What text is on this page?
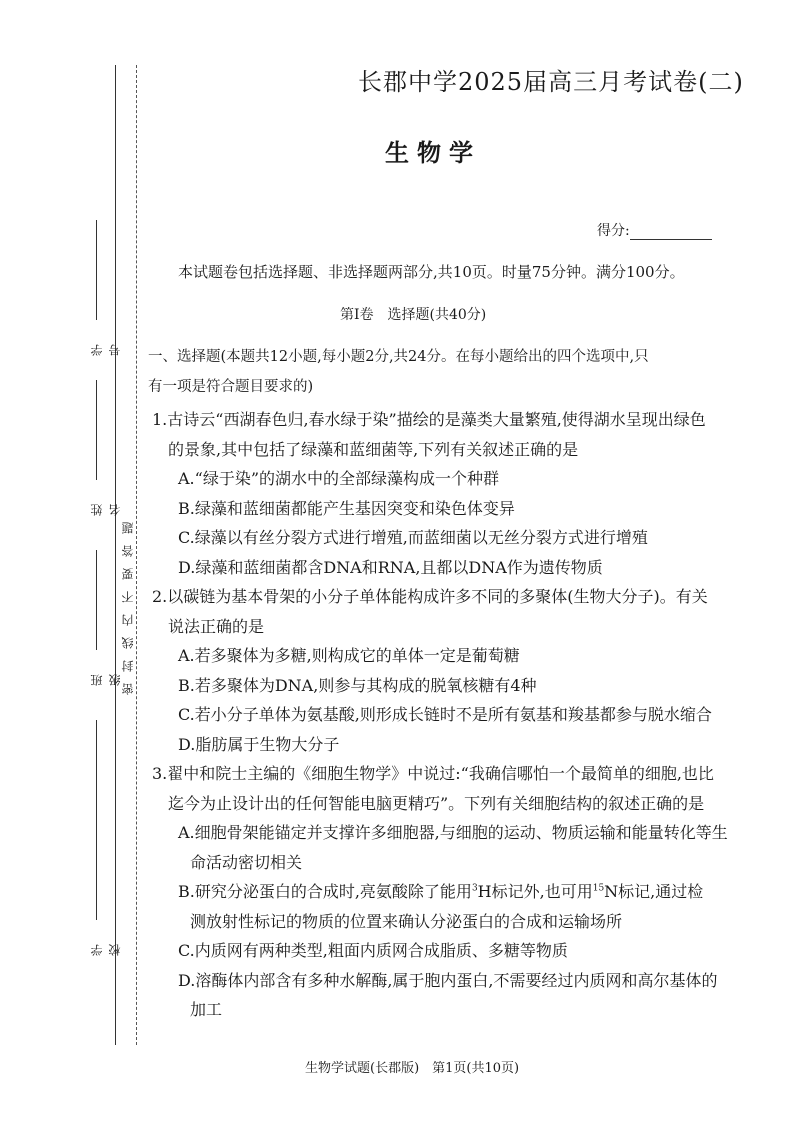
学 号
姓 名
班 级
学 校
密封线内不要答题
长郡中学2025届高三月考试卷(二)
生物学
得分:
本试题卷包括选择题、非选择题两部分,共10页。时量75分钟。满分100分。
第Ⅰ卷　选择题(共40分)
一、选择题(本题共12小题,每小题2分,共24分。在每小题给出的四个选项中,只
有一项是符合题目要求的)
1.古诗云“西湖春色归,春水绿于染”描绘的是藻类大量繁殖,使得湖水呈现出绿色
的景象,其中包括了绿藻和蓝细菌等,下列有关叙述正确的是
A.“绿于染”的湖水中的全部绿藻构成一个种群
B.绿藻和蓝细菌都能产生基因突变和染色体变异
C.绿藻以有丝分裂方式进行增殖,而蓝细菌以无丝分裂方式进行增殖
D.绿藻和蓝细菌都含DNA和RNA,且都以DNA作为遗传物质
2.以碳链为基本骨架的小分子单体能构成许多不同的多聚体(生物大分子)。有关
说法正确的是
A.若多聚体为多糖,则构成它的单体一定是葡萄糖
B.若多聚体为DNA,则参与其构成的脱氧核糖有4种
C.若小分子单体为氨基酸,则形成长链时不是所有氨基和羧基都参与脱水缩合
D.脂肪属于生物大分子
3.翟中和院士主编的《细胞生物学》中说过:“我确信哪怕一个最简单的细胞,也比
迄今为止设计出的任何智能电脑更精巧”。下列有关细胞结构的叙述正确的是
A.细胞骨架能锚定并支撑许多细胞器,与细胞的运动、物质运输和能量转化等生
命活动密切相关
B.研究分泌蛋白的合成时,亮氨酸除了能用$^3$H标记外,也可用$^{15}$N标记,通过检
测放射性标记的物质的位置来确认分泌蛋白的合成和运输场所
C.内质网有两种类型,粗面内质网合成脂质、多糖等物质
D.溶酶体内部含有多种水解酶,属于胞内蛋白,不需要经过内质网和高尔基体的
加工
生物学试题(长郡版)　第1页(共10页)
